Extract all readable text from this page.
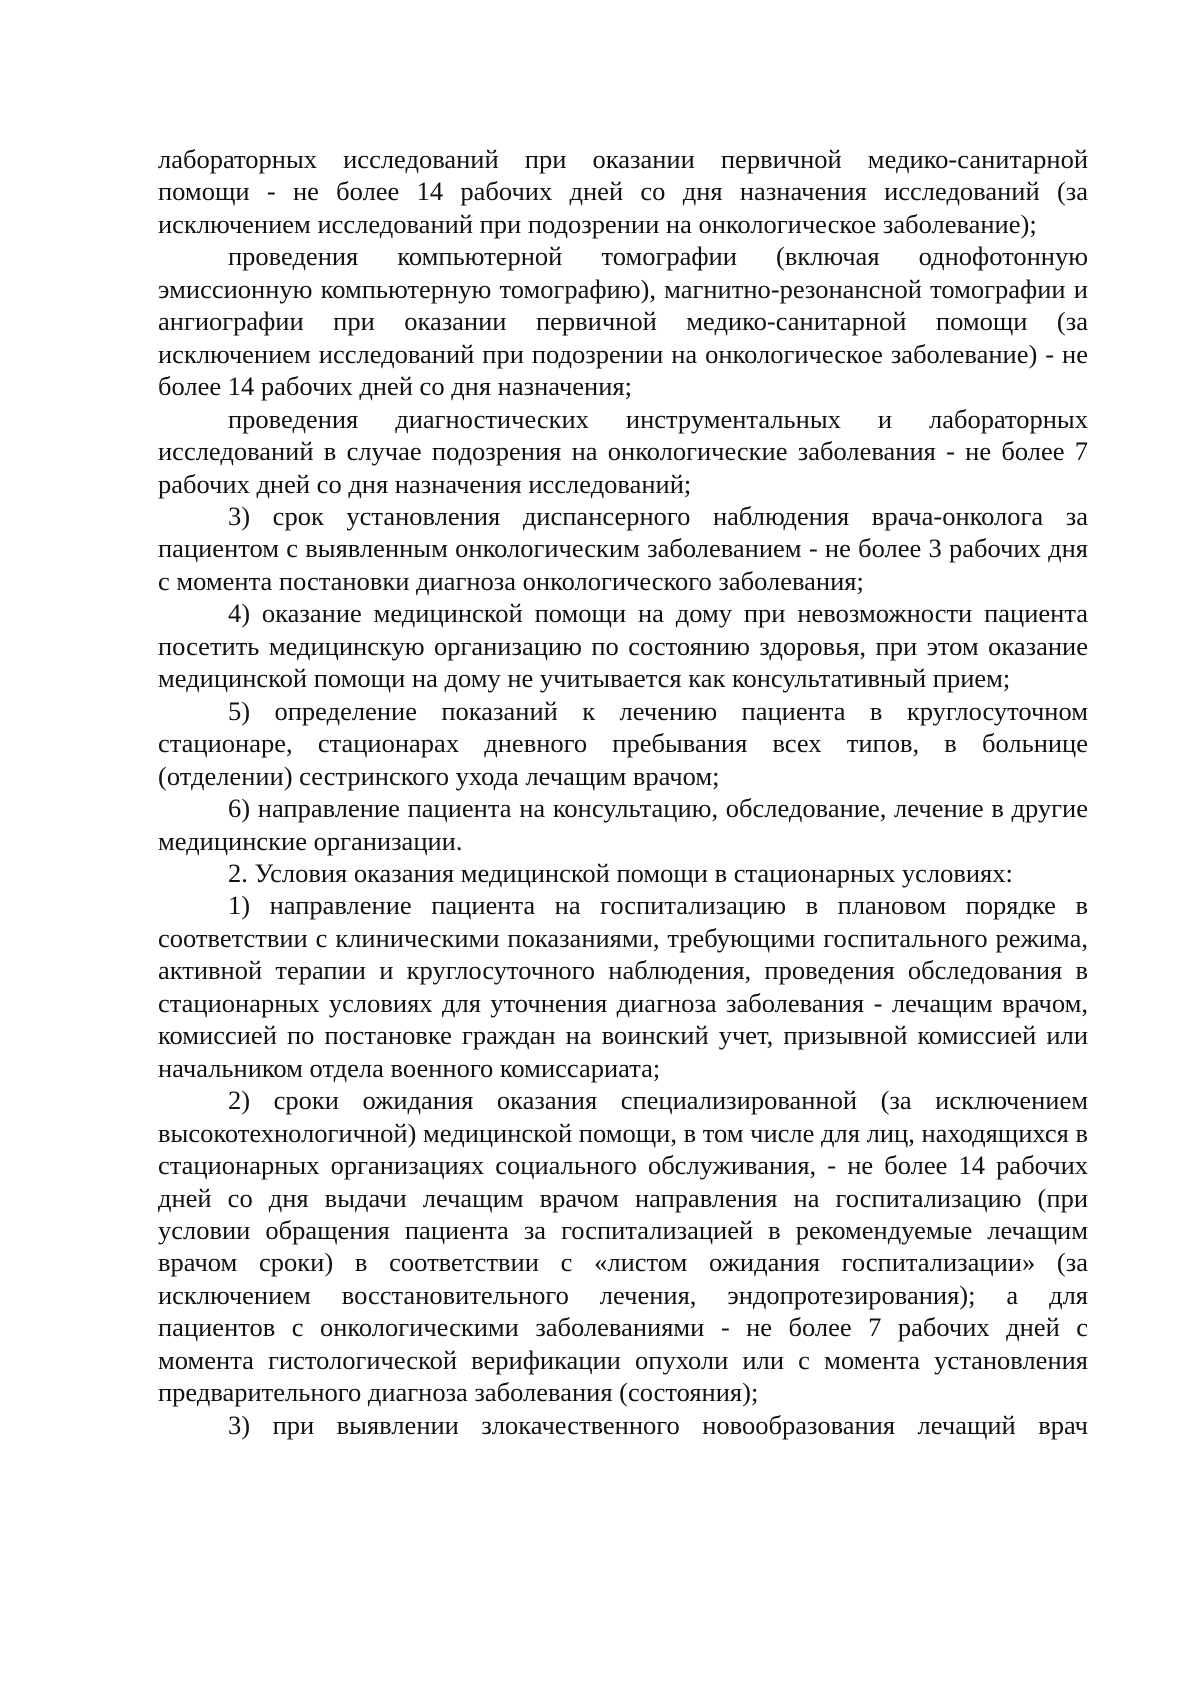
лабораторных исследований при оказании первичной медико-санитарной помощи - не более 14 рабочих дней со дня назначения исследований (за исключением исследований при подозрении на онкологическое заболевание);

проведения компьютерной томографии (включая однофотонную эмиссионную компьютерную томографию), магнитно-резонансной томографии и ангиографии при оказании первичной медико-санитарной помощи (за исключением исследований при подозрении на онкологическое заболевание) - не более 14 рабочих дней со дня назначения;

проведения диагностических инструментальных и лабораторных исследований в случае подозрения на онкологические заболевания - не более 7 рабочих дней со дня назначения исследований;

3) срок установления диспансерного наблюдения врача-онколога за пациентом с выявленным онкологическим заболеванием - не более 3 рабочих дня с момента постановки диагноза онкологического заболевания;

4) оказание медицинской помощи на дому при невозможности пациента посетить медицинскую организацию по состоянию здоровья, при этом оказание медицинской помощи на дому не учитывается как консультативный прием;

5) определение показаний к лечению пациента в круглосуточном стационаре, стационарах дневного пребывания всех типов, в больнице (отделении) сестринского ухода лечащим врачом;

6) направление пациента на консультацию, обследование, лечение в другие медицинские организации.

2. Условия оказания медицинской помощи в стационарных условиях:

1) направление пациента на госпитализацию в плановом порядке в соответствии с клиническими показаниями, требующими госпитального режима, активной терапии и круглосуточного наблюдения, проведения обследования в стационарных условиях для уточнения диагноза заболевания - лечащим врачом, комиссией по постановке граждан на воинский учет, призывной комиссией или начальником отдела военного комиссариата;

2) сроки ожидания оказания специализированной (за исключением высокотехнологичной) медицинской помощи, в том числе для лиц, находящихся в стационарных организациях социального обслуживания, - не более 14 рабочих дней со дня выдачи лечащим врачом направления на госпитализацию (при условии обращения пациента за госпитализацией в рекомендуемые лечащим врачом сроки) в соответствии с «листом ожидания госпитализации» (за исключением восстановительного лечения, эндопротезирования); а для пациентов с онкологическими заболеваниями - не более 7 рабочих дней с момента гистологической верификации опухоли или с момента установления предварительного диагноза заболевания (состояния);

3) при выявлении злокачественного новообразования лечащий врач
